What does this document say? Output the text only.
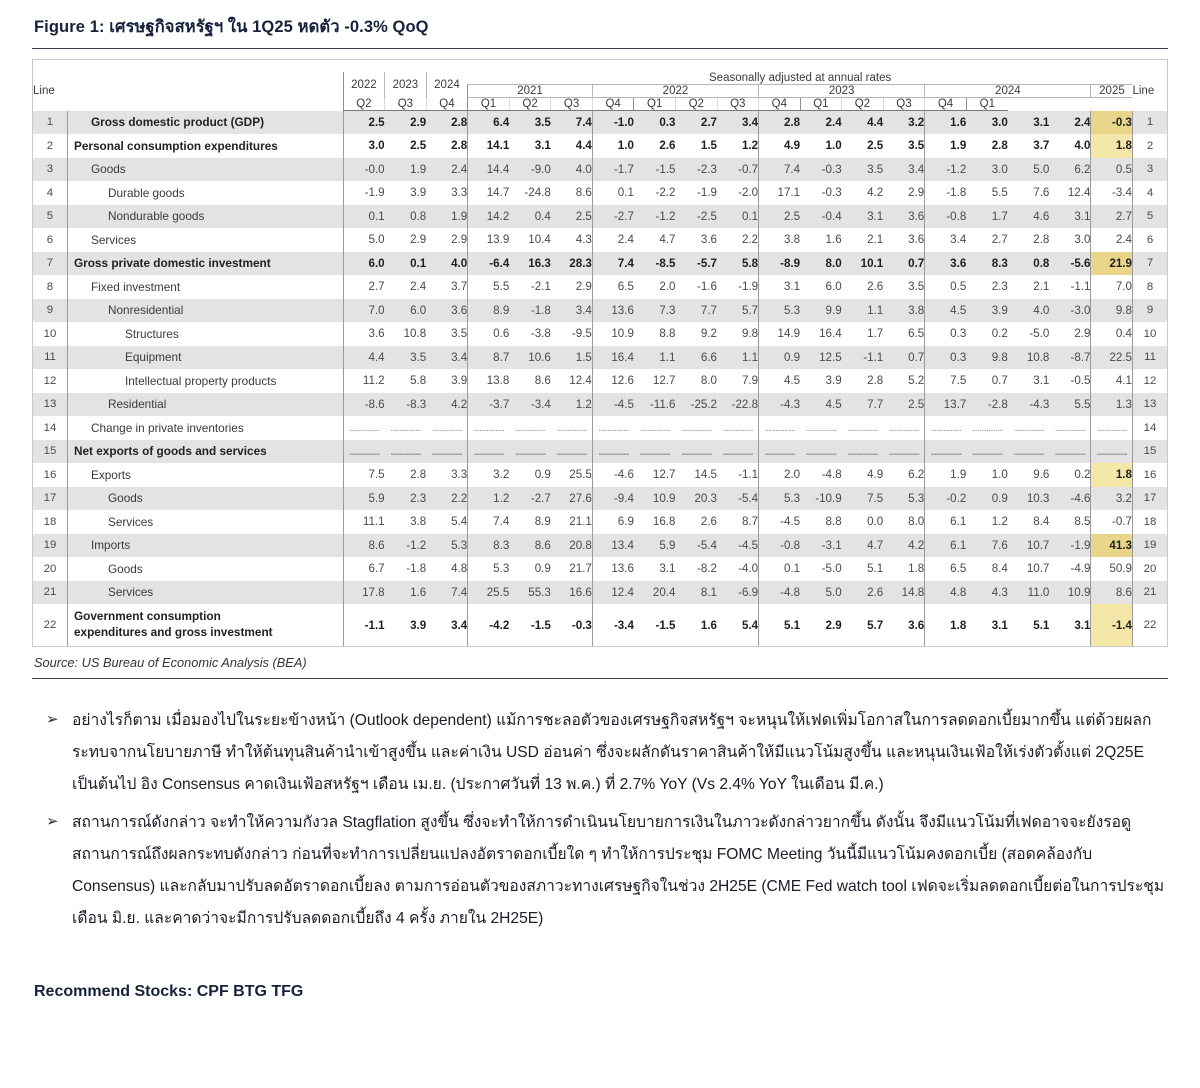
Figure 1: เศรษฐกิจสหรัฐฯ ใน 1Q25 หดตัว -0.3% QoQ

Line		2022	2023	2024	Seasonally adjusted at annual rates																Line
					2021			2022				2023				2024				2025	
		Q2	Q3	Q4	Q1	Q2	Q3	Q4	Q1	Q2	Q3	Q4	Q1	Q2	Q3	Q4	Q1				
1	Gross domestic product (GDP)	2.5	2.9	2.8	6.4	3.5	7.4	-1.0	0.3	2.7	3.4	2.8	2.4	4.4	3.2	1.6	3.0	3.1	2.4	-0.3	1
2	Personal consumption expenditures	3.0	2.5	2.8	14.1	3.1	4.4	1.0	2.6	1.5	1.2	4.9	1.0	2.5	3.5	1.9	2.8	3.7	4.0	1.8	2
3	Goods	-0.0	1.9	2.4	14.4	-9.0	4.0	-1.7	-1.5	-2.3	-0.7	7.4	-0.3	3.5	3.4	-1.2	3.0	5.0	6.2	0.5	3
4	Durable goods	-1.9	3.9	3.3	14.7	-24.8	8.6	0.1	-2.2	-1.9	-2.0	17.1	-0.3	4.2	2.9	-1.8	5.5	7.6	12.4	-3.4	4
5	Nondurable goods	0.1	0.8	1.9	14.2	0.4	2.5	-2.7	-1.2	-2.5	0.1	2.5	-0.4	3.1	3.6	-0.8	1.7	4.6	3.1	2.7	5
6	Services	5.0	2.9	2.9	13.9	10.4	4.3	2.4	4.7	3.6	2.2	3.8	1.6	2.1	3.6	3.4	2.7	2.8	3.0	2.4	6
7	Gross private domestic investment	6.0	0.1	4.0	-6.4	16.3	28.3	7.4	-8.5	-5.7	5.8	-8.9	8.0	10.1	0.7	3.6	8.3	0.8	-5.6	21.9	7
8	Fixed investment	2.7	2.4	3.7	5.5	-2.1	2.9	6.5	2.0	-1.6	-1.9	3.1	6.0	2.6	3.5	0.5	2.3	2.1	-1.1	7.0	8
9	Nonresidential	7.0	6.0	3.6	8.9	-1.8	3.4	13.6	7.3	7.7	5.7	5.3	9.9	1.1	3.8	4.5	3.9	4.0	-3.0	9.8	9
10	Structures	3.6	10.8	3.5	0.6	-3.8	-9.5	10.9	8.8	9.2	9.8	14.9	16.4	1.7	6.5	0.3	0.2	-5.0	2.9	0.4	10
11	Equipment	4.4	3.5	3.4	8.7	10.6	1.5	16.4	1.1	6.6	1.1	0.9	12.5	-1.1	0.7	0.3	9.8	10.8	-8.7	22.5	11
12	Intellectual property products	11.2	5.8	3.9	13.8	8.6	12.4	12.6	12.7	8.0	7.9	4.5	3.9	2.8	5.2	7.5	0.7	3.1	-0.5	4.1	12
13	Residential	-8.6	-8.3	4.2	-3.7	-3.4	1.2	-4.5	-11.6	-25.2	-22.8	-4.3	4.5	7.7	2.5	13.7	-2.8	-4.3	5.5	1.3	13
14	Change in private inventories	.................	.................	.................	.................	.................	.................	.................	.................	.................	.................	.................	.................	.................	.................	.................	.................	.................	.................	.................	14
15	Net exports of goods and services	.................	.................	.................	.................	.................	.................	.................	.................	.................	.................	.................	.................	.................	.................	.................	.................	.................	.................	.................	15
16	Exports	7.5	2.8	3.3	3.2	0.9	25.5	-4.6	12.7	14.5	-1.1	2.0	-4.8	4.9	6.2	1.9	1.0	9.6	0.2	1.8	16
17	Goods	5.9	2.3	2.2	1.2	-2.7	27.6	-9.4	10.9	20.3	-5.4	5.3	-10.9	7.5	5.3	-0.2	0.9	10.3	-4.6	3.2	17
18	Services	11.1	3.8	5.4	7.4	8.9	21.1	6.9	16.8	2.6	8.7	-4.5	8.8	0.0	8.0	6.1	1.2	8.4	8.5	-0.7	18
19	Imports	8.6	-1.2	5.3	8.3	8.6	20.8	13.4	5.9	-5.4	-4.5	-0.8	-3.1	4.7	4.2	6.1	7.6	10.7	-1.9	41.3	19
20	Goods	6.7	-1.8	4.8	5.3	0.9	21.7	13.6	3.1	-8.2	-4.0	0.1	-5.0	5.1	1.8	6.5	8.4	10.7	-4.9	50.9	20
21	Services	17.8	1.6	7.4	25.5	55.3	16.6	12.4	20.4	8.1	-6.9	-4.8	5.0	2.6	14.8	4.8	4.3	11.0	10.9	8.6	21
22	Government consumption
expenditures and gross investment	-1.1	3.9	3.4	-4.2	-1.5	-0.3	-3.4	-1.5	1.6	5.4	5.1	2.9	5.7	3.6	1.8	3.1	5.1	3.1	-1.4	22
Source: US Bureau of Economic Analysis (BEA)
➢ อย่างไรก็ตาม เมื่อมองไปในระยะข้างหน้า (Outlook dependent) แม้การชะลอตัวของเศรษฐกิจสหรัฐฯ จะหนุนให้เฟดเพิ่มโอกาสในการลดดอกเบี้ยมากขึ้น แต่ด้วยผลกระทบจากนโยบายภาษี ทำให้ต้นทุนสินค้านำเข้าสูงขึ้น และค่าเงิน USD อ่อนค่า ซึ่งจะผลักดันราคาสินค้าให้มีแนวโน้มสูงขึ้น และหนุนเงินเฟ้อให้เร่งตัวตั้งแต่ 2Q25E เป็นต้นไป อิง Consensus คาดเงินเฟ้อสหรัฐฯ เดือน เม.ย. (ประกาศวันที่ 13 พ.ค.) ที่ 2.7% YoY (Vs 2.4% YoY ในเดือน มี.ค.)
➢ สถานการณ์ดังกล่าว จะทำให้ความกังวล Stagflation สูงขึ้น ซึ่งจะทำให้การดำเนินนโยบายการเงินในภาวะดังกล่าวยากขึ้น ดังนั้น จึงมีแนวโน้มที่เฟดอาจจะยังรอดูสถานการณ์ถึงผลกระทบดังกล่าว ก่อนที่จะทำการเปลี่ยนแปลงอัตราดอกเบี้ยใด ๆ ทำให้การประชุม FOMC Meeting วันนี้มีแนวโน้มคงดอกเบี้ย (สอดคล้องกับ Consensus) และกลับมาปรับลดอัตราดอกเบี้ยลง ตามการอ่อนตัวของสภาวะทางเศรษฐกิจในช่วง 2H25E (CME Fed watch tool เฟดจะเริ่มลดดอกเบี้ยต่อในการประชุมเดือน มิ.ย. และคาดว่าจะมีการปรับลดดอกเบี้ยถึง 4 ครั้ง ภายใน 2H25E)
Recommend Stocks: CPF BTG TFG
